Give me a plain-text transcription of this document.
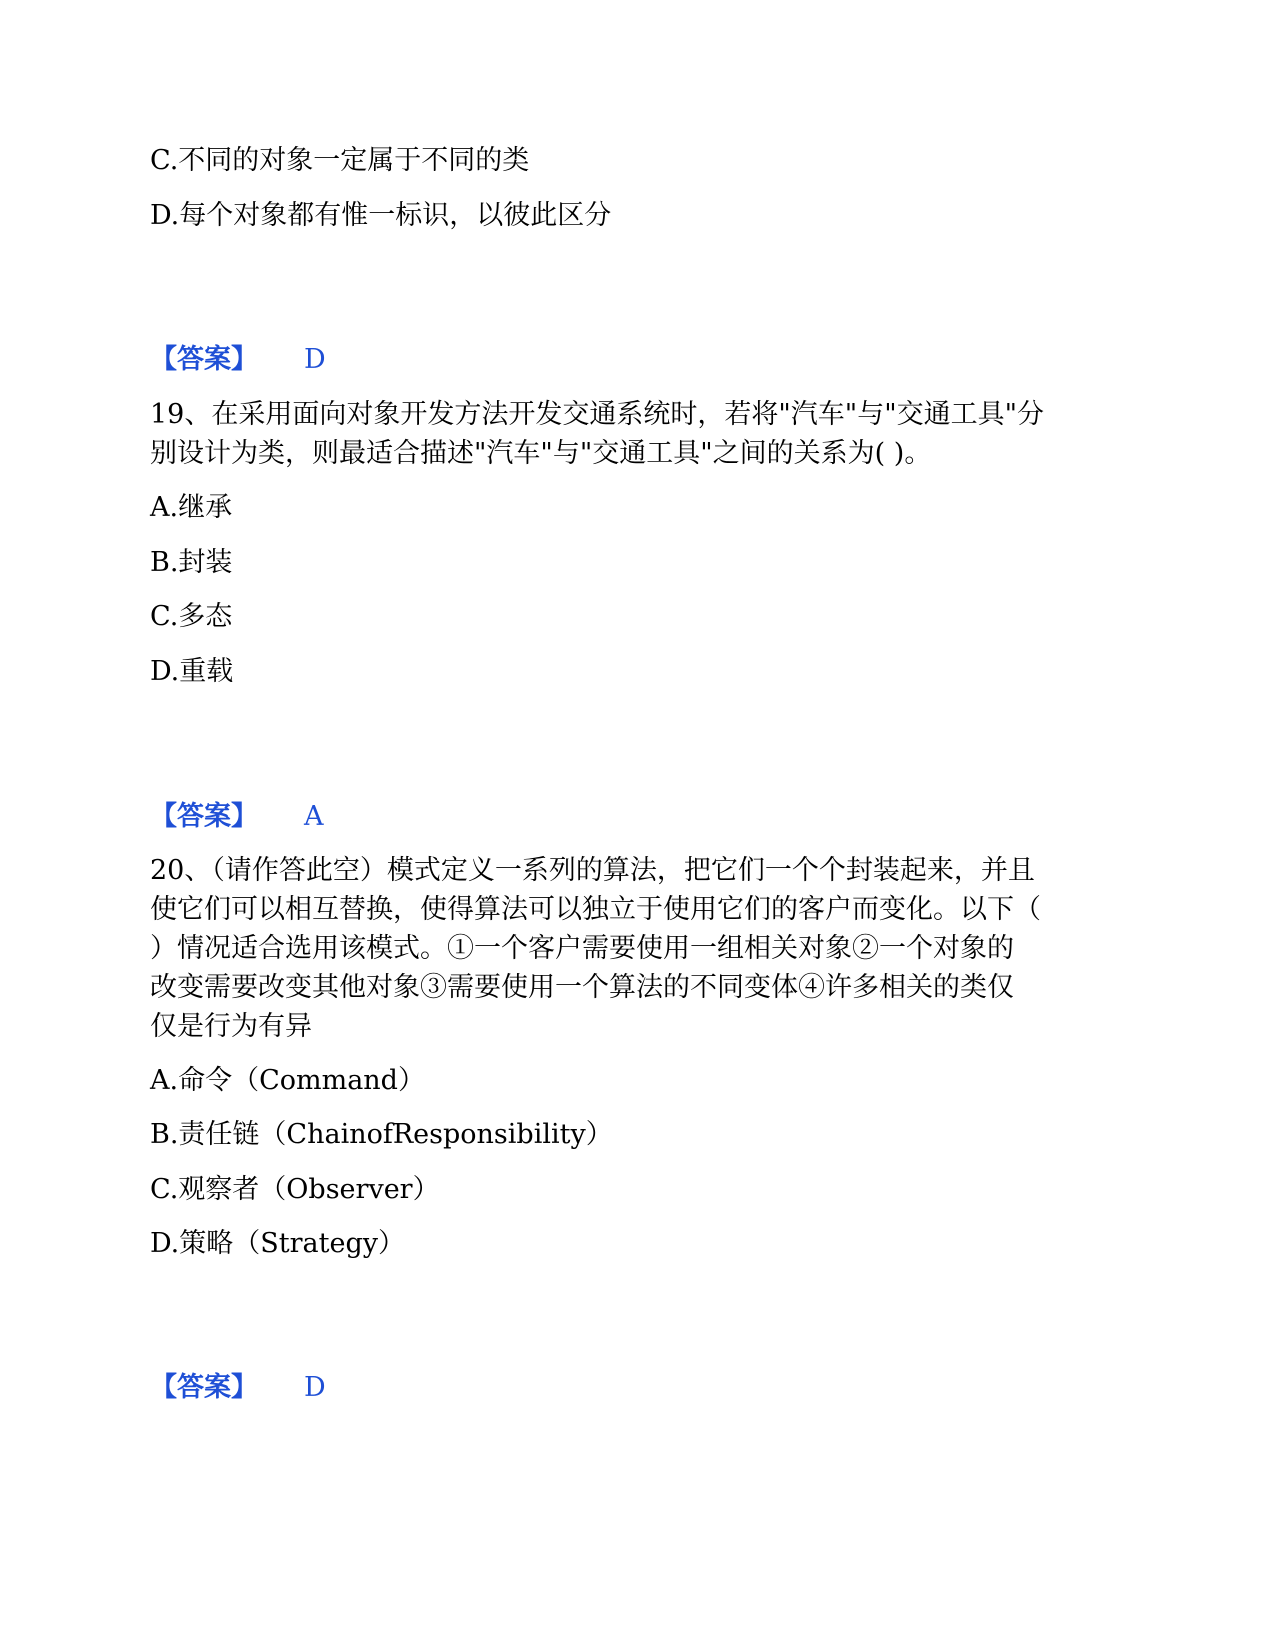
C.不同的对象一定属于不同的类
D.每个对象都有惟一标识，以彼此区分
【答案】 D
19、在采用面向对象开发方法开发交通系统时，若将"汽车"与"交通工具"分
别设计为类，则最适合描述"汽车"与"交通工具"之间的关系为( )。
A.继承
B.封装
C.多态
D.重载
【答案】 A
20、（请作答此空）模式定义一系列的算法，把它们一个个封装起来，并且
使它们可以相互替换，使得算法可以独立于使用它们的客户而变化。以下（
）情况适合选用该模式。①一个客户需要使用一组相关对象②一个对象的
改变需要改变其他对象③需要使用一个算法的不同变体④许多相关的类仅
仅是行为有异
A.命令（Command）
B.责任链（ChainofResponsibility）
C.观察者（Observer）
D.策略（Strategy）
【答案】 D
